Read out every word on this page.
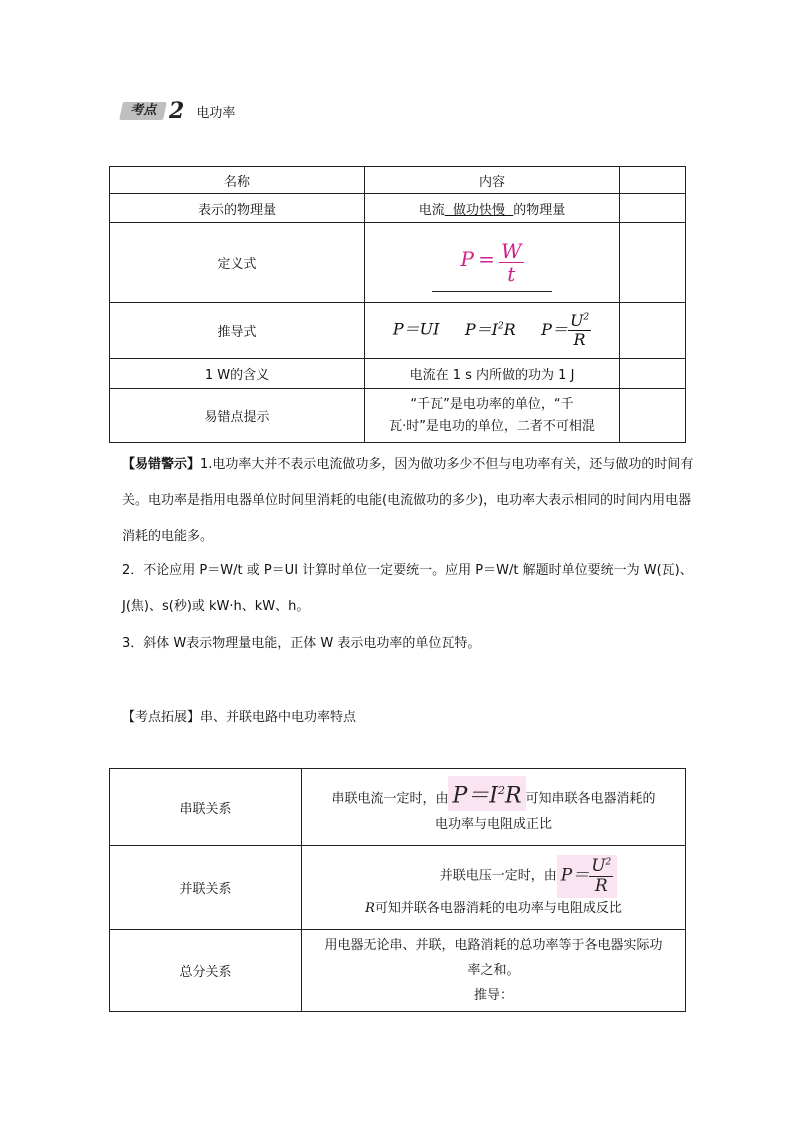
考点 2 电功率
名称	内容	
表示的物理量	电流 做功快慢 的物理量	
定义式	$P = \frac{W}{t}$

推导式	P＝UI $P=I^2R$ $P= \frac{U^2}{R}$

1 W的含义	电流在 1 s 内所做的功为 1 J	
易错点提示	“千瓦”是电功率的单位，“千
瓦·时”是电功的单位，二者不可相混	

【易错警示】1.电功率大并不表示电流做功多，因为做功多少不但与电功率有关，还与做功的时间有关。电功率是指用电器单位时间里消耗的电能(电流做功的多少)，电功率大表示相同的时间内用电器消耗的电能多。
2．不论应用 P＝W/t 或 P＝UI 计算时单位一定要统一。应用 P＝W/t 解题时单位要统一为 W(瓦)、J(焦)、s(秒)或 kW·h、kW、h。
3．斜体 W表示物理量电能，正体 W 表示电功率的单位瓦特。
【考点拓展】串、并联电路中电功率特点
串联关系	串联电流一定时，由 $P=I^2R$ 可知串联各电器消耗的
电功率与电阻成正比

并联关系	并联电压一定时，由 $P= \frac{U^2}{R}$
R可知并联各电器消耗的电功率与电阻成反比

总分关系	用电器无论串、并联，电路消耗的总功率等于各电器实际功
率之和。
推导：
